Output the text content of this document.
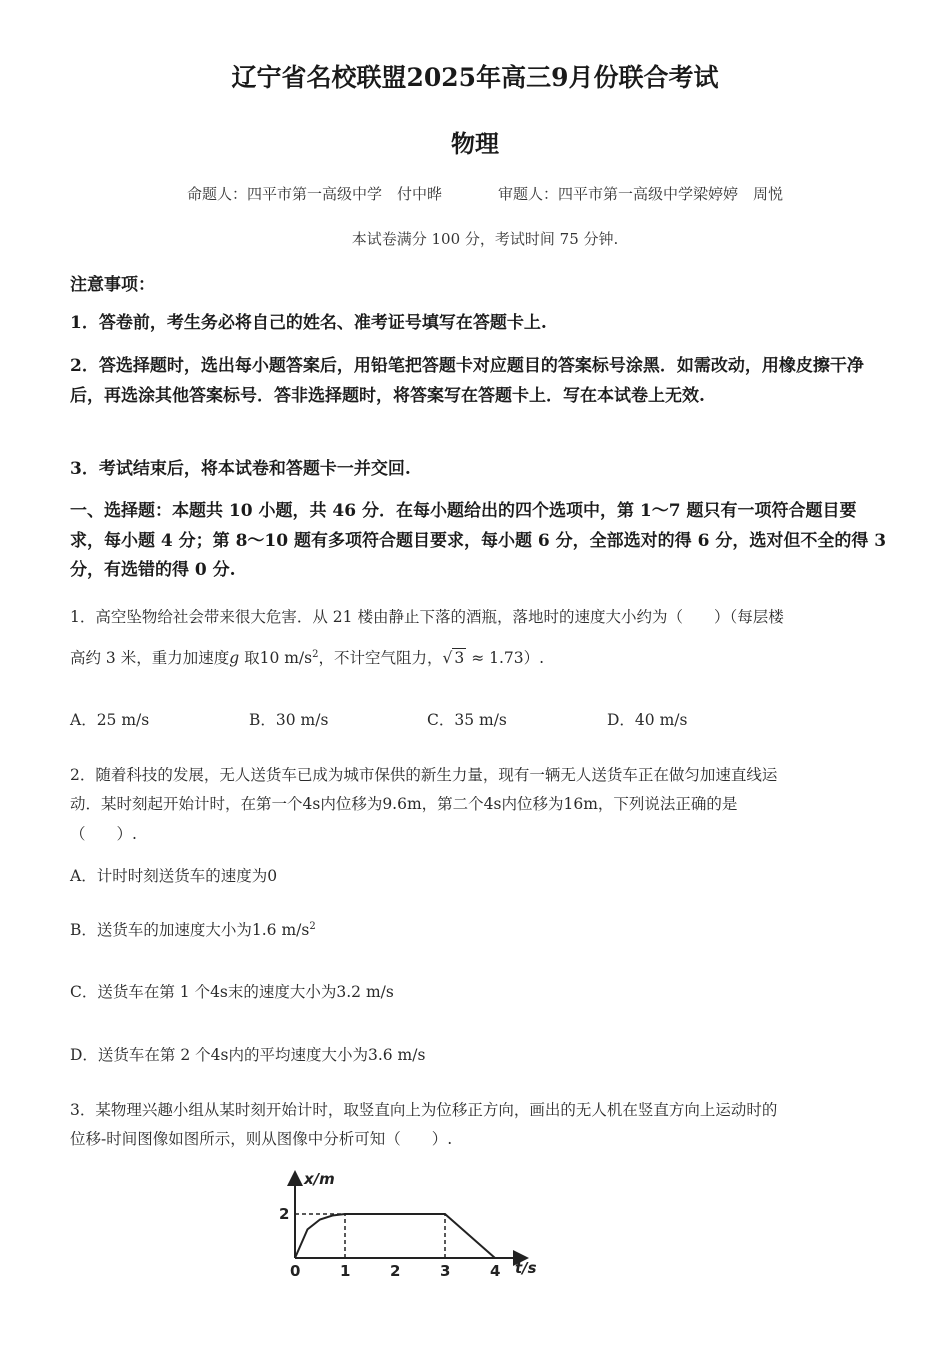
辽宁省名校联盟2025年高三9月份联合考试
物理
命题人：四平市第一高级中学　付中晔	审题人：四平市第一高级中学梁婷婷　周悦
本试卷满分 100 分，考试时间 75 分钟.
注意事项：
1．答卷前，考生务必将自己的姓名、准考证号填写在答题卡上.
2．答选择题时，选出每小题答案后，用铅笔把答题卡对应题目的答案标号涂黑．如需改动，用橡皮擦干净后，再选涂其他答案标号．答非选择题时，将答案写在答题卡上．写在本试卷上无效.
3．考试结束后，将本试卷和答题卡一并交回.
一、选择题：本题共 10 小题，共 46 分．在每小题给出的四个选项中，第 1～7 题只有一项符合题目要求，每小题 4 分；第 8～10 题有多项符合题目要求，每小题 6 分，全部选对的得 6 分，选对但不全的得 3 分，有选错的得 0 分.
1．高空坠物给社会带来很大危害．从 21 楼由静止下落的酒瓶，落地时的速度大小约为（　　）（每层楼
高约 3 米，重力加速度g 取10 $m/s^2$，不计空气阻力，√ 3 ≈ 1.73）.
A．25 m/s	B．30 m/s	C．35 m/s	D．40 m/s
2．随着科技的发展，无人送货车已成为城市保供的新生力量，现有一辆无人送货车正在做匀加速直线运
动．某时刻起开始计时，在第一个4s内位移为9.6m，第二个4s内位移为16m，下列说法正确的是
（　　）.
A．计时时刻送货车的速度为0
B．送货车的加速度大小为1.6 $m/s^2$
C．送货车在第 1 个4s末的速度大小为3.2 m/s
D．送货车在第 2 个4s内的平均速度大小为3.6 m/s
3．某物理兴趣小组从某时刻开始计时，取竖直向上为位移正方向，画出的无人机在竖直方向上运动时的
位移-时间图像如图所示，则从图像中分析可知（　　）.
0	1	2	3	4
2
x/m
t/s
